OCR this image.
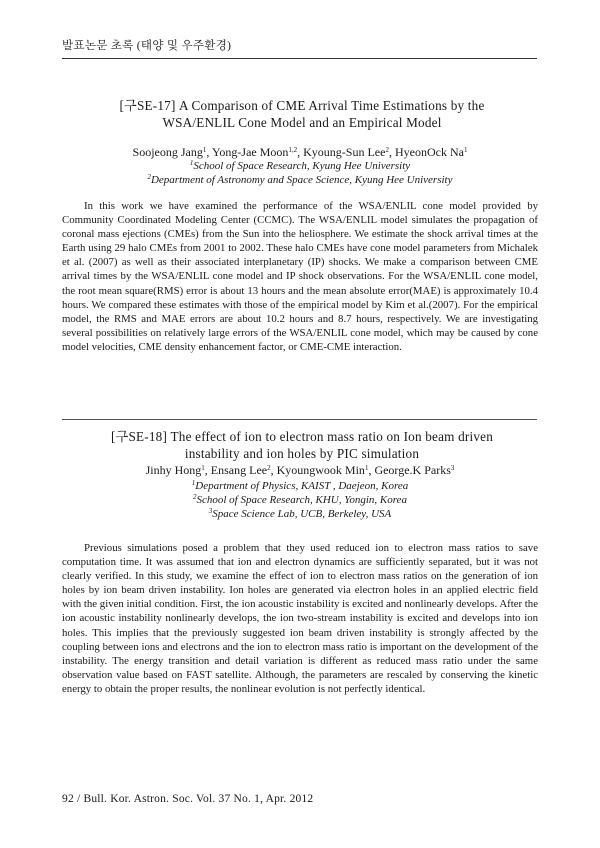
발표논문 초록 (태양 및 우주환경)
[구SE-17] A Comparison of CME Arrival Time Estimations by the
WSA/ENLIL Cone Model and an Empirical Model
Soojeong Jang$^1$, Yong-Jae Moon$^{1,2}$, Kyoung-Sun Lee$^2$, HyeonOck Na$^1$
$^1$School of Space Research, Kyung Hee University
$^2$Department of Astronomy and Space Science, Kyung Hee University

In this work we have examined the performance of the WSA/ENLIL cone model provided by Community Coordinated Modeling Center (CCMC). The WSA/ENLIL model simulates the propagation of coronal mass ejections (CMEs) from the Sun into the heliosphere. We estimate the shock arrival times at the Earth using 29 halo CMEs from 2001 to 2002. These halo CMEs have cone model parameters from Michalek et al. (2007) as well as their associated interplanetary (IP) shocks. We make a comparison between CME arrival times by the WSA/ENLIL cone model and IP shock observations. For the WSA/ENLIL cone model, the root mean square(RMS) error is about 13 hours and the mean absolute error(MAE) is approximately 10.4 hours. We compared these estimates with those of the empirical model by Kim et al.(2007). For the empirical model, the RMS and MAE errors are about 10.2 hours and 8.7 hours, respectively. We are investigating several possibilities on relatively large errors of the WSA/ENLIL cone model, which may be caused by cone model velocities, CME density enhancement factor, or CME-CME interaction.

[구SE-18] The effect of ion to electron mass ratio on Ion beam driven
instability and ion holes by PIC simulation
Jinhy Hong$^1$, Ensang Lee$^2$, Kyoungwook Min$^1$, George.K Parks$^3$
$^1$Department of Physics, KAIST , Daejeon, Korea
$^2$School of Space Research, KHU, Yongin, Korea
$^3$Space Science Lab, UCB, Berkeley, USA

Previous simulations posed a problem that they used reduced ion to electron mass ratios to save computation time. It was assumed that ion and electron dynamics are sufficiently separated, but it was not clearly verified. In this study, we examine the effect of ion to electron mass ratios on the generation of ion holes by ion beam driven instability. Ion holes are generated via electron holes in an applied electric field with the given initial condition. First, the ion acoustic instability is excited and nonlinearly develops. After the ion acoustic instability nonlinearly develops, the ion two-stream instability is excited and develops into ion holes. This implies that the previously suggested ion beam driven instability is strongly affected by the coupling between ions and electrons and the ion to electron mass ratio is important on the development of the instability. The energy transition and detail variation is different as reduced mass ratio under the same observation value based on FAST satellite. Although, the parameters are rescaled by conserving the kinetic energy to obtain the proper results, the nonlinear evolution is not perfectly identical.

92 / Bull. Kor. Astron. Soc. Vol. 37 No. 1, Apr. 2012
